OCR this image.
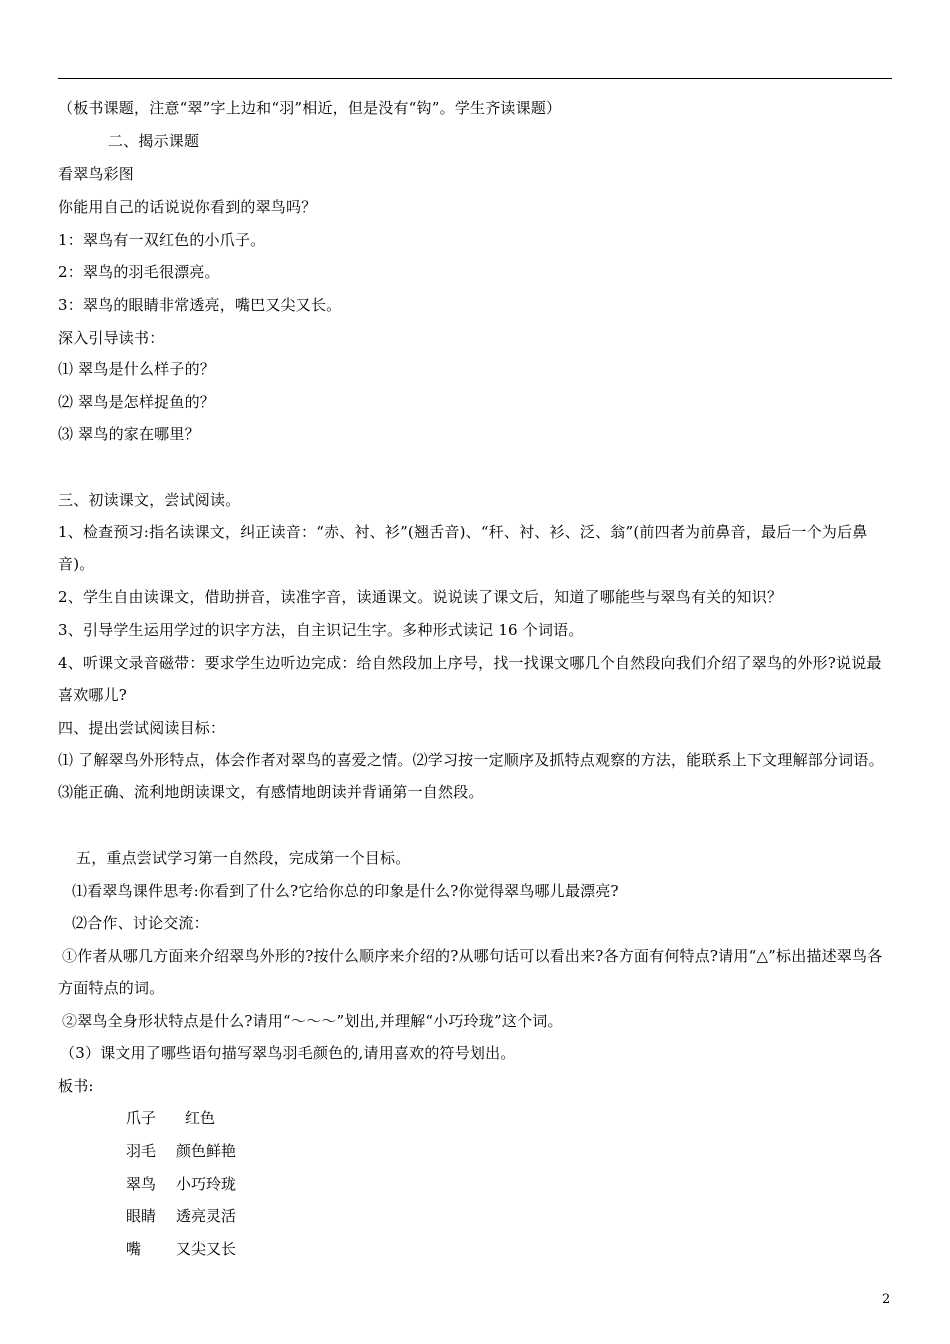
（板书课题，注意“翠”字上边和“羽”相近，但是没有“钩”。学生齐读课题）
二、揭示课题
看翠鸟彩图
你能用自己的话说说你看到的翠鸟吗？
1：翠鸟有一双红色的小爪子。
2：翠鸟的羽毛很漂亮。
3：翠鸟的眼睛非常透亮，嘴巴又尖又长。
深入引导读书：
⑴ 翠鸟是什么样子的？
⑵ 翠鸟是怎样捉鱼的？
⑶ 翠鸟的家在哪里？
三、初读课文，尝试阅读。
1、检查预习:指名读课文，纠正读音：“赤、衬、衫”(翘舌音)、“秆、衬、衫、泛、翁”(前四者为前鼻音，最后一个为后鼻音)。
2、学生自由读课文，借助拼音，读准字音，读通课文。说说读了课文后，知道了哪能些与翠鸟有关的知识？
3、引导学生运用学过的识字方法，自主识记生字。多种形式读记 16 个词语。
4、听课文录音磁带：要求学生边听边完成：给自然段加上序号，找一找课文哪几个自然段向我们介绍了翠鸟的外形?说说最喜欢哪儿?
四、提出尝试阅读目标：
⑴ 了解翠鸟外形特点，体会作者对翠鸟的喜爱之情。⑵学习按一定顺序及抓特点观察的方法，能联系上下文理解部分词语。⑶能正确、流利地朗读课文，有感情地朗读并背诵第一自然段。
五，重点尝试学习第一自然段，完成第一个目标。
⑴看翠鸟课件思考:你看到了什么?它给你总的印象是什么?你觉得翠鸟哪儿最漂亮?
⑵合作、讨论交流：
①作者从哪几方面来介绍翠鸟外形的?按什么顺序来介绍的?从哪句话可以看出来?各方面有何特点?请用“△”标出描述翠鸟各方面特点的词。
②翠鸟全身形状特点是什么?请用“～～～”划出,并理解“小巧玲珑”这个词。
（3）课文用了哪些语句描写翠鸟羽毛颜色的,请用喜欢的符号划出。
板书:
爪子 红色
羽毛 颜色鲜艳
翠鸟 小巧玲珑
眼睛 透亮灵活
嘴 又尖又长
2
